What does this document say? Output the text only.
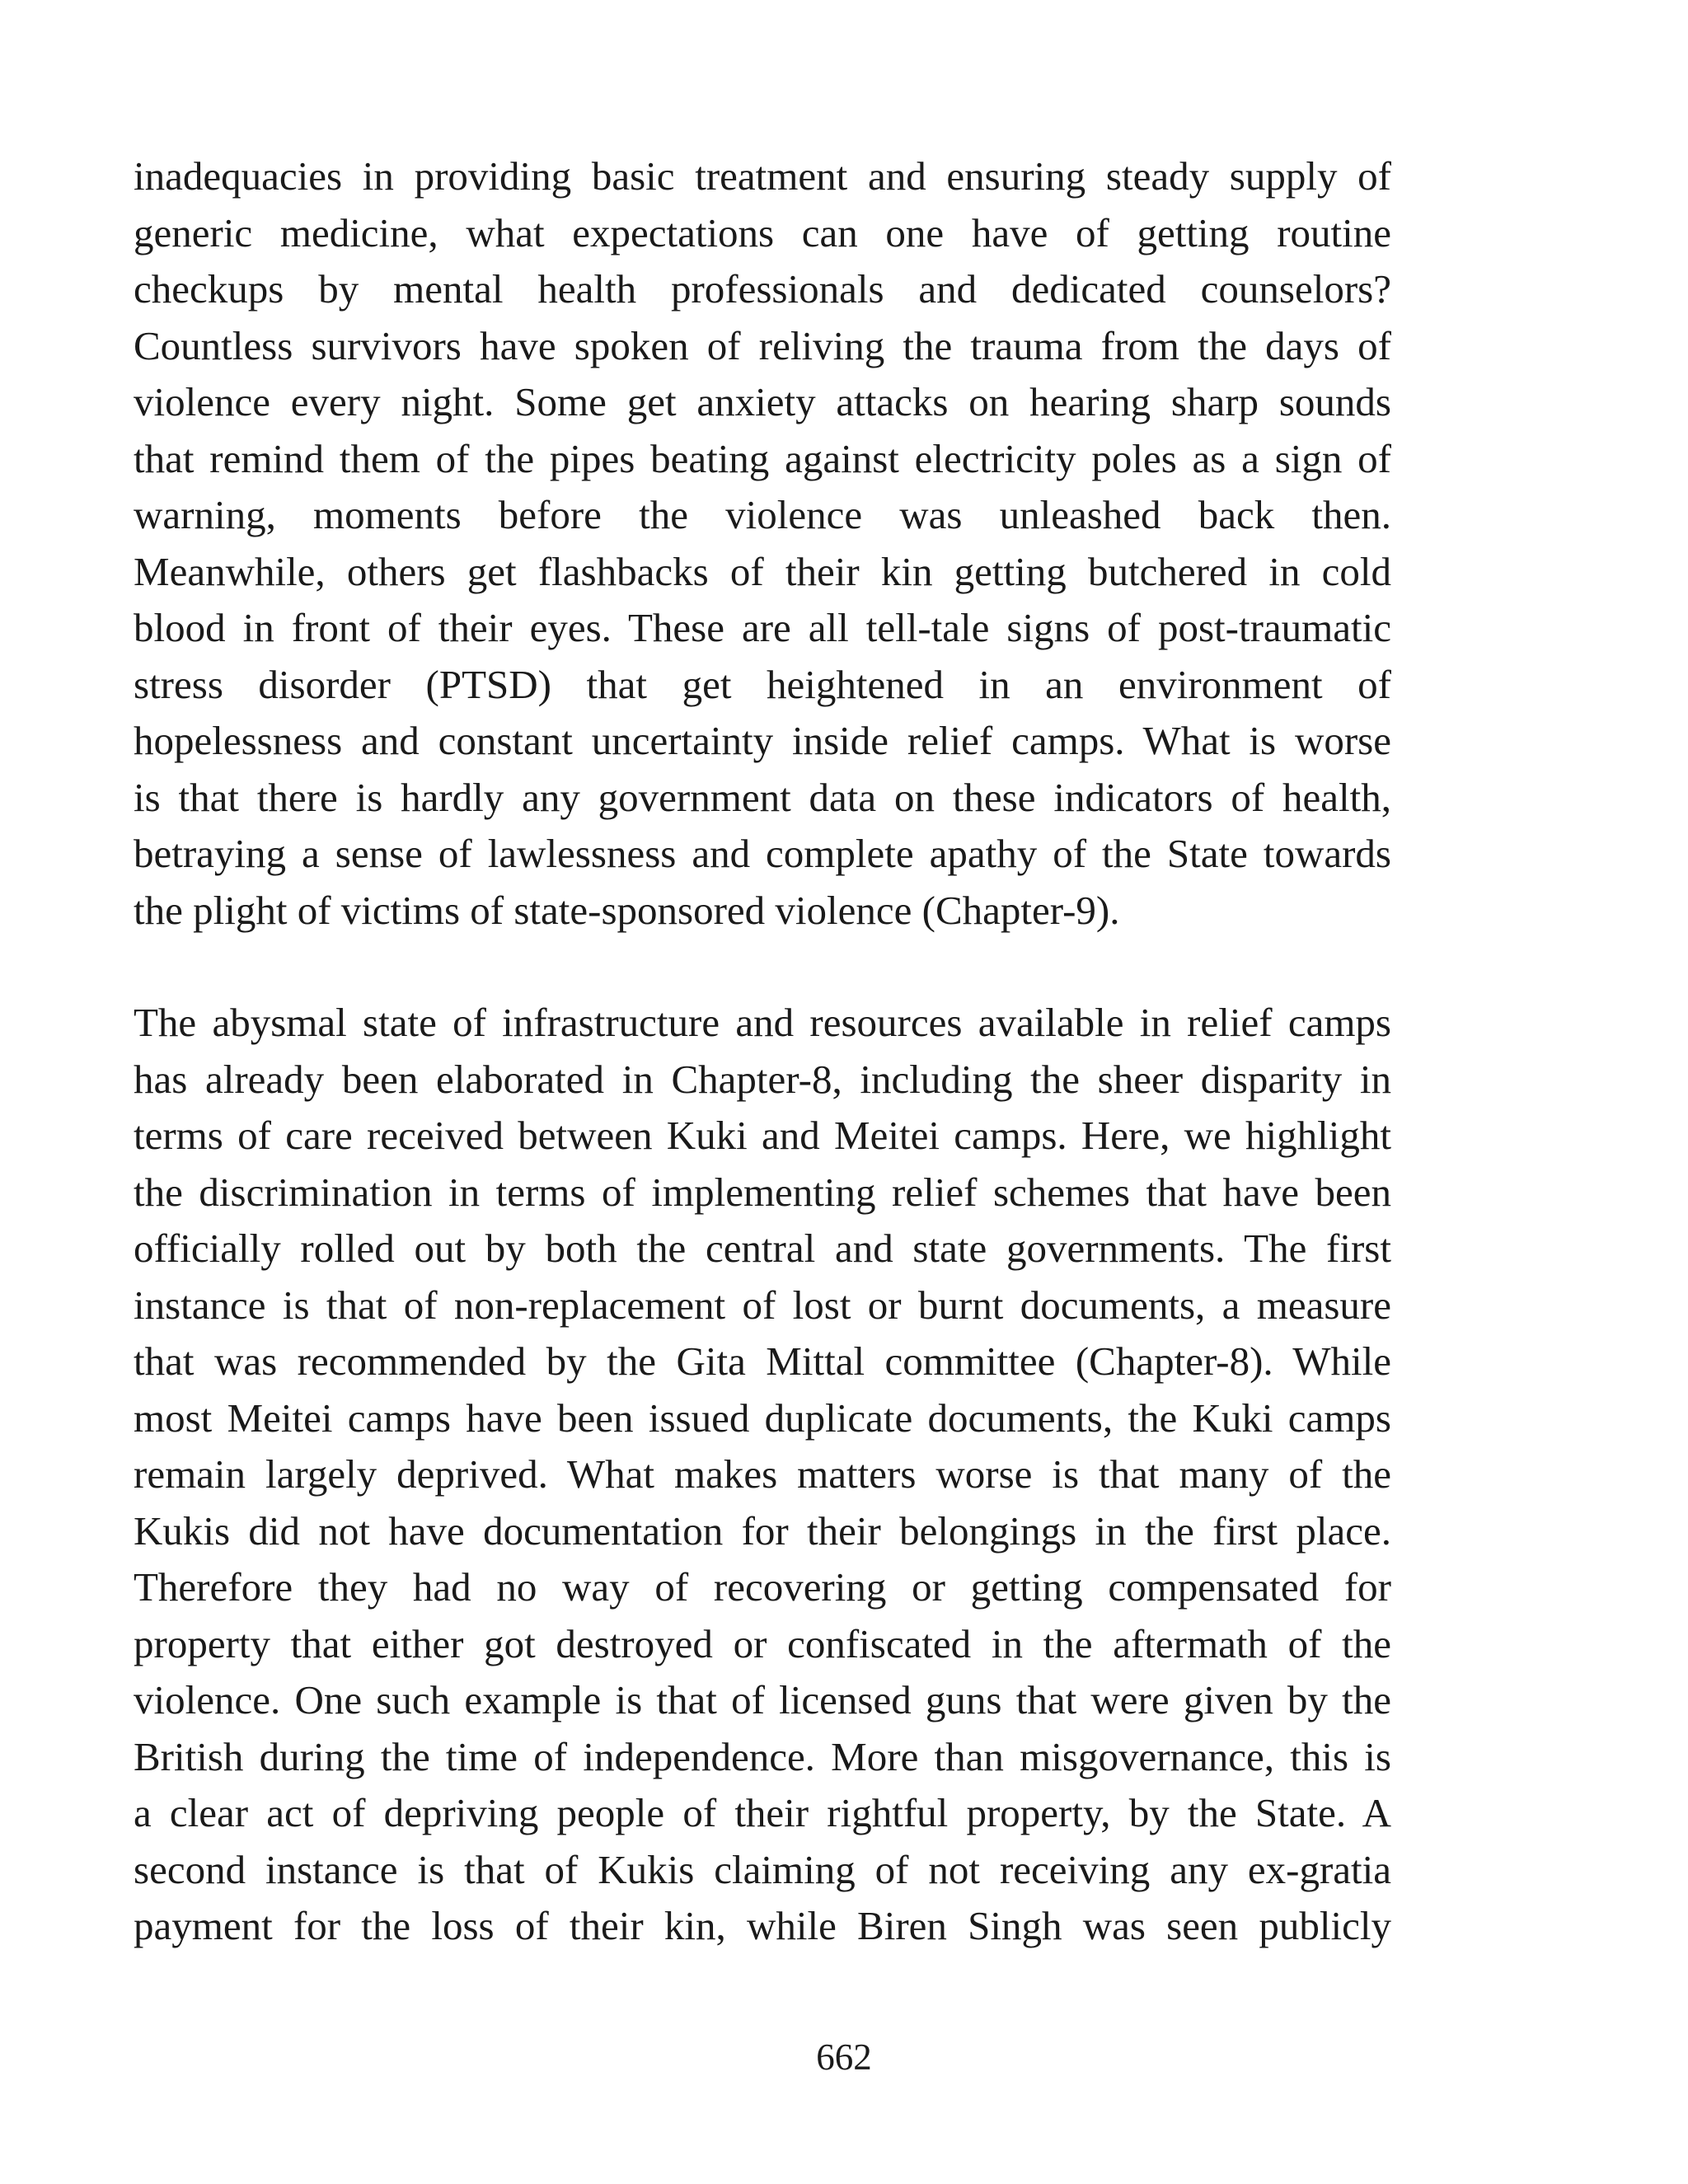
inadequacies in providing basic treatment and ensuring steady supply of
generic medicine, what expectations can one have of getting routine
checkups by mental health professionals and dedicated counselors?
Countless survivors have spoken of reliving the trauma from the days of
violence every night. Some get anxiety attacks on hearing sharp sounds
that remind them of the pipes beating against electricity poles as a sign of
warning, moments before the violence was unleashed back then.
Meanwhile, others get flashbacks of their kin getting butchered in cold
blood in front of their eyes. These are all tell-tale signs of post-traumatic
stress disorder (PTSD) that get heightened in an environment of
hopelessness and constant uncertainty inside relief camps. What is worse
is that there is hardly any government data on these indicators of health,
betraying a sense of lawlessness and complete apathy of the State towards
the plight of victims of state-sponsored violence (Chapter-9).
The abysmal state of infrastructure and resources available in relief camps
has already been elaborated in Chapter-8, including the sheer disparity in
terms of care received between Kuki and Meitei camps. Here, we highlight
the discrimination in terms of implementing relief schemes that have been
officially rolled out by both the central and state governments. The first
instance is that of non-replacement of lost or burnt documents, a measure
that was recommended by the Gita Mittal committee (Chapter-8). While
most Meitei camps have been issued duplicate documents, the Kuki camps
remain largely deprived. What makes matters worse is that many of the
Kukis did not have documentation for their belongings in the first place.
Therefore they had no way of recovering or getting compensated for
property that either got destroyed or confiscated in the aftermath of the
violence. One such example is that of licensed guns that were given by the
British during the time of independence. More than misgovernance, this is
a clear act of depriving people of their rightful property, by the State. A
second instance is that of Kukis claiming of not receiving any ex-gratia
payment for the loss of their kin, while Biren Singh was seen publicly
662
